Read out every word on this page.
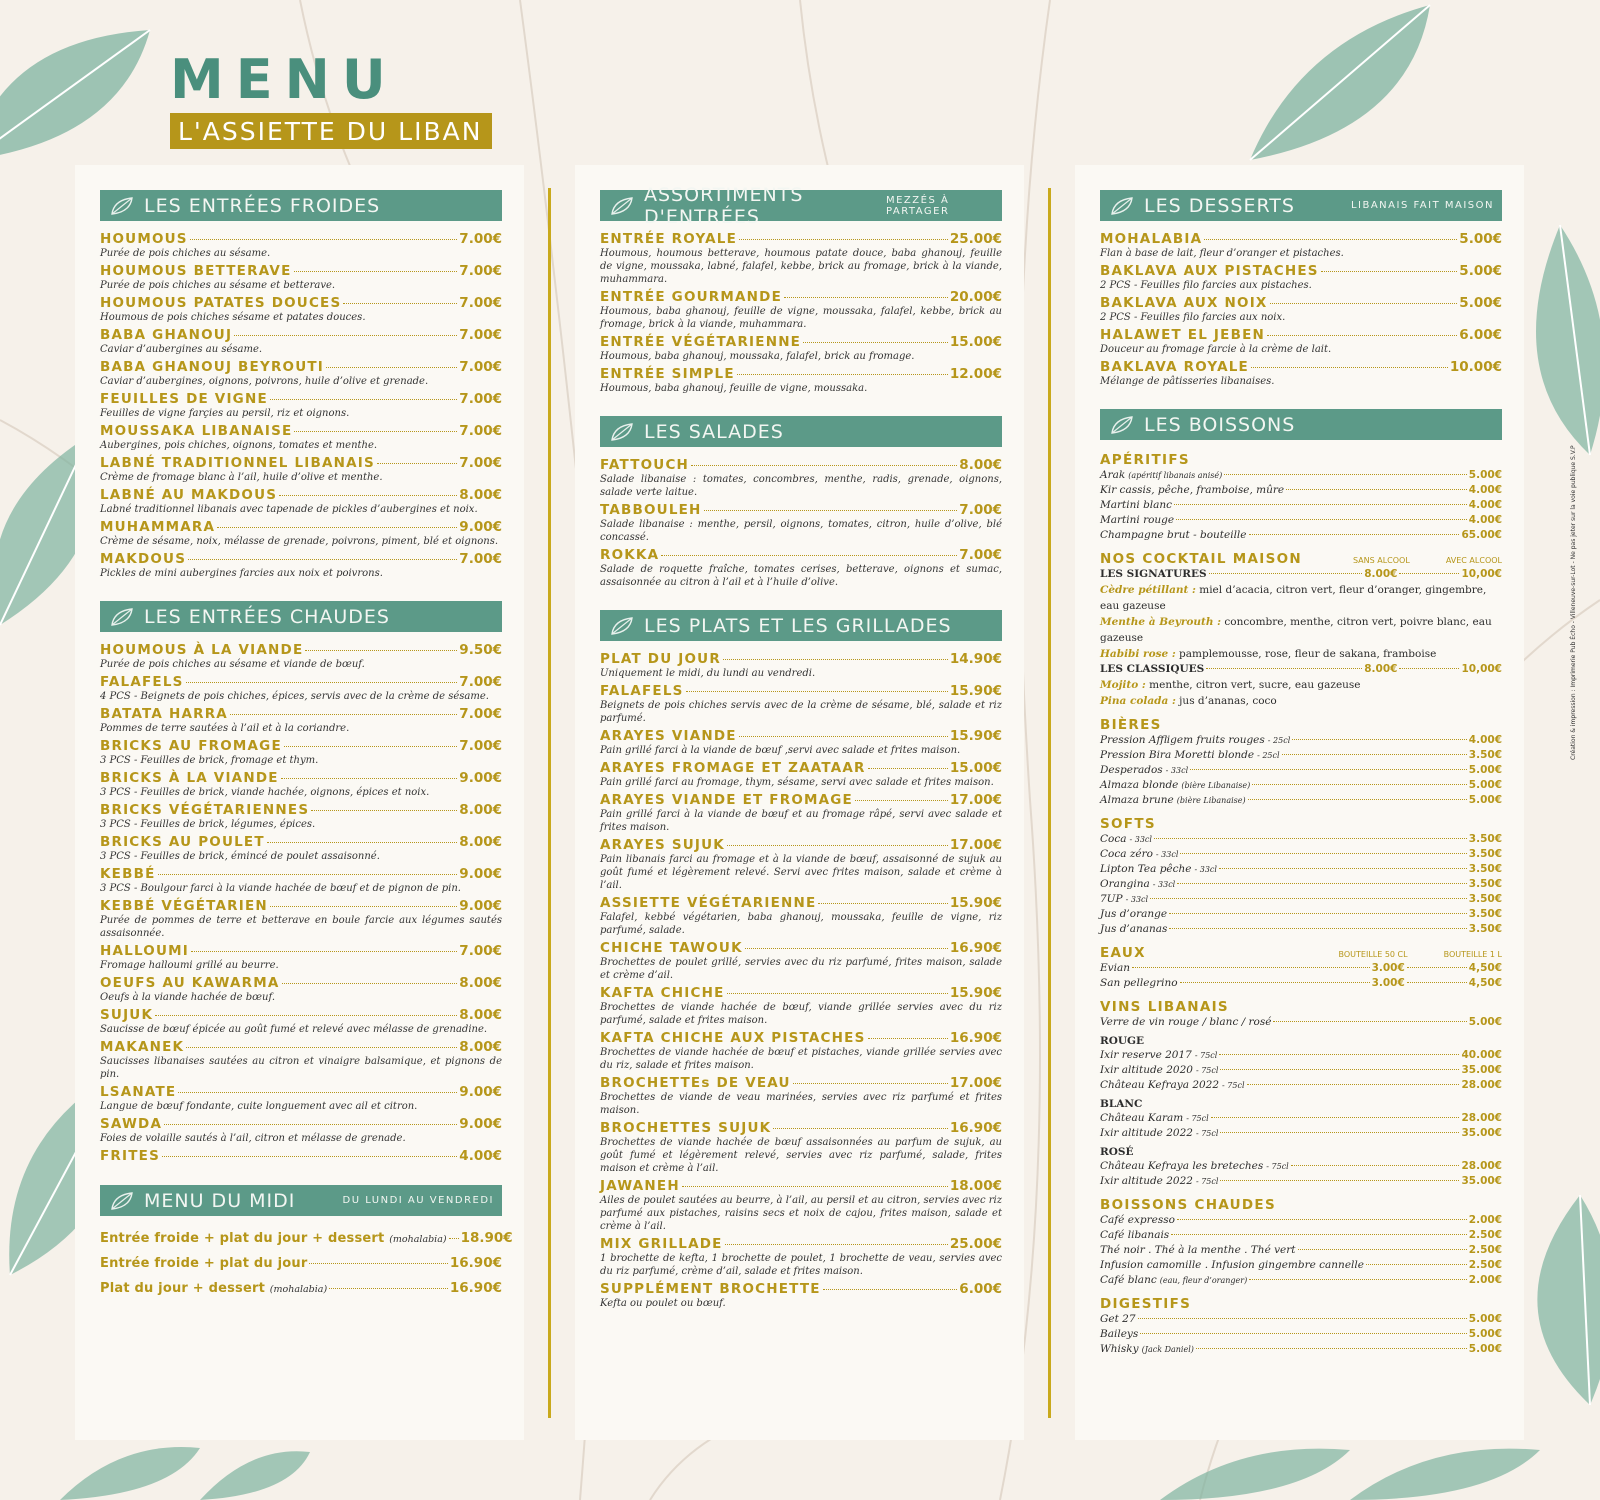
MENU
L'ASSIETTE DU LIBAN
LES ENTRÉES FROIDES
HOUMOUS	7.00€
Purée de pois chiches au sésame.
HOUMOUS BETTERAVE	7.00€
Purée de pois chiches au sésame et betterave.
HOUMOUS PATATES DOUCES	7.00€
Houmous de pois chiches sésame et patates douces.
BABA GHANOUJ	7.00€
Caviar d’aubergines au sésame.
BABA GHANOUJ BEYROUTI	7.00€
Caviar d’aubergines, oignons, poivrons, huile d’olive et grenade.
FEUILLES DE VIGNE	7.00€
Feuilles de vigne farçies au persil, riz et oignons.
MOUSSAKA LIBANAISE	7.00€
Aubergines, pois chiches, oignons, tomates et menthe.
LABNÉ TRADITIONNEL LIBANAIS	7.00€
Crème de fromage blanc à l’ail, huile d’olive et menthe.
LABNÉ AU MAKDOUS	8.00€
Labné traditionnel libanais avec tapenade de pickles d’aubergines et noix.
MUHAMMARA	9.00€
Crème de sésame, noix, mélasse de grenade, poivrons, piment, blé et oignons.
MAKDOUS	7.00€
Pickles de mini aubergines farcies aux noix et poivrons.
LES ENTRÉES CHAUDES
HOUMOUS À LA VIANDE	9.50€
Purée de pois chiches au sésame et viande de bœuf.
FALAFELS	7.00€
4 PCS - Beignets de pois chiches, épices, servis avec de la crème de sésame.
BATATA HARRA	7.00€
Pommes de terre sautées à l’ail et à la coriandre.
BRICKS AU FROMAGE	7.00€
3 PCS - Feuilles de brick, fromage et thym.
BRICKS À LA VIANDE	9.00€
3 PCS - Feuilles de brick, viande hachée, oignons, épices et noix.
BRICKS VÉGÉTARIENNES	8.00€
3 PCS - Feuilles de brick, légumes, épices.
BRICKS AU POULET	8.00€
3 PCS - Feuilles de brick, émincé de poulet assaisonné.
KEBBÉ	9.00€
3 PCS - Boulgour farci à la viande hachée de bœuf et de pignon de pin.
KEBBÉ VÉGÉTARIEN	9.00€
Purée de pommes de terre et betterave en boule farcie aux légumes sautés assaisonnée.
HALLOUMI	7.00€
Fromage halloumi grillé au beurre.
OEUFS AU KAWARMA	8.00€
Oeufs à la viande hachée de bœuf.
SUJUK	8.00€
Saucisse de bœuf épicée au goût fumé et relevé avec mélasse de grenadine.
MAKANEK	8.00€
Saucisses libanaises sautées au citron et vinaigre balsamique, et pignons de pin.
LSANATE	9.00€
Langue de bœuf fondante, cuite longuement avec ail et citron.
SAWDA	9.00€
Foies de volaille sautés à l’ail, citron et mélasse de grenade.
FRITES	4.00€
MENU DU MIDI	DU LUNDI AU VENDREDI
Entrée froide + plat du jour + dessert (mohalabia) 18.90€
Entrée froide + plat du jour	16.90€
Plat du jour + dessert (mohalabia)	16.90€
ASSORTIMENTS D'ENTRÉES
MEZZÉS À PARTAGER
ENTRÉE ROYALE	25.00€
Houmous, houmous betterave, houmous patate douce, baba ghanouj, feuille de vigne, moussaka, labné, falafel, kebbe, brick au fromage, brick à la viande, muhammara.
ENTRÉE GOURMANDE	20.00€
Houmous, baba ghanouj, feuille de vigne, moussaka, falafel, kebbe, brick au fromage, brick à la viande, muhammara.
ENTRÉE VÉGÉTARIENNE	15.00€
Houmous, baba ghanouj, moussaka, falafel, brick au fromage.
ENTRÉE SIMPLE	12.00€
Houmous, baba ghanouj, feuille de vigne, moussaka.
LES SALADES
FATTOUCH	8.00€
Salade libanaise : tomates, concombres, menthe, radis, grenade, oignons, salade verte laitue.
TABBOULEH	7.00€
Salade libanaise : menthe, persil, oignons, tomates, citron, huile d’olive, blé concassé.
ROKKA	7.00€
Salade de roquette fraîche, tomates cerises, betterave, oignons et sumac, assaisonnée au citron à l’ail et à l’huile d’olive.
LES PLATS ET LES GRILLADES
PLAT DU JOUR	14.90€
Uniquement le midi, du lundi au vendredi.
FALAFELS	15.90€
Beignets de pois chiches servis avec de la crème de sésame, blé, salade et riz parfumé.
ARAYES VIANDE	15.90€
Pain grillé farci à la viande de bœuf ,servi avec salade et frites maison.
ARAYES FROMAGE ET ZAATAAR	15.00€
Pain grillé farci au fromage, thym, sésame, servi avec salade et frites maison.
ARAYES VIANDE ET FROMAGE	17.00€
Pain grillé farci à la viande de bœuf et au fromage râpé, servi avec salade et frites maison.
ARAYES SUJUK	17.00€
Pain libanais farci au fromage et à la viande de bœuf, assaisonné de sujuk au goût fumé et légèrement relevé. Servi avec frites maison, salade et crème à l’ail.
ASSIETTE VÉGÉTARIENNE	15.90€
Falafel, kebbé végétarien, baba ghanouj, moussaka, feuille de vigne, riz parfumé, salade.
CHICHE TAWOUK	16.90€
Brochettes de poulet grillé, servies avec du riz parfumé, frites maison, salade et crème d’ail.
KAFTA CHICHE	15.90€
Brochettes de viande hachée de bœuf, viande grillée servies avec du riz parfumé, salade et frites maison.
KAFTA CHICHE AUX PISTACHES	16.90€
Brochettes de viande hachée de bœuf et pistaches, viande grillée servies avec du riz, salade et frites maison.
BROCHETTEs DE VEAU	17.00€
Brochettes de viande de veau marinées, servies avec riz parfumé et frites maison.
BROCHETTES SUJUK	16.90€
Brochettes de viande hachée de bœuf assaisonnées au parfum de sujuk, au goût fumé et légèrement relevé, servies avec riz parfumé, salade, frites maison et crème à l’ail.
JAWANEH	18.00€
Ailes de poulet sautées au beurre, à l’ail, au persil et au citron, servies avec riz parfumé aux pistaches, raisins secs et noix de cajou, frites maison, salade et crème à l’ail.
MIX GRILLADE	25.00€
1 brochette de kefta, 1 brochette de poulet, 1 brochette de veau, servies avec du riz parfumé, crème d’ail, salade et frites maison.
SUPPLÉMENT BROCHETTE	6.00€
Kefta ou poulet ou bœuf.
LES DESSERTS	LIBANAIS FAIT MAISON
MOHALABIA	5.00€
Flan à base de lait, fleur d’oranger et pistaches.
BAKLAVA AUX PISTACHES	5.00€
2 PCS - Feuilles filo farcies aux pistaches.
BAKLAVA AUX NOIX	5.00€
2 PCS - Feuilles filo farcies aux noix.
HALAWET EL JEBEN	6.00€
Douceur au fromage farcie à la crème de lait.
BAKLAVA ROYALE	10.00€
Mélange de pâtisseries libanaises.
LES BOISSONS
APÉRITIFS
Arak (apéritif libanais anisé)	5.00€
Kir cassis, pêche, framboise, mûre	4.00€
Martini blanc	4.00€
Martini rouge	4.00€
Champagne brut - bouteille	65.00€
NOS COCKTAIL MAISON	SANS ALCOOL	AVEC ALCOOL
LES SIGNATURES	8.00€	10,00€
Cèdre pétillant : miel d’acacia, citron vert, fleur d’oranger, gingembre, eau gazeuse
Menthe à Beyrouth : concombre, menthe, citron vert, poivre blanc, eau gazeuse
Habibi rose : pamplemousse, rose, fleur de sakana, framboise
LES CLASSIQUES	8.00€	10,00€
Mojito : menthe, citron vert, sucre, eau gazeuse
Pina colada : jus d’ananas, coco
BIÈRES
Pression Affligem fruits rouges - 25cl	4.00€
Pression Bira Moretti blonde - 25cl	3.50€
Desperados - 33cl	5.00€
Almaza blonde (bière Libanaise)	5.00€
Almaza brune (bière Libanaise)	5.00€
SOFTS
Coca - 33cl	3.50€
Coca zéro - 33cl	3.50€
Lipton Tea pêche - 33cl	3.50€
Orangina - 33cl	3.50€
7UP - 33cl	3.50€
Jus d’orange	3.50€
Jus d’ananas	3.50€
EAUX	BOUTEILLE 50 CL	BOUTEILLE 1 L
Evian	3.00€	4,50€
San pellegrino	3.00€	4,50€
VINS LIBANAIS
Verre de vin rouge / blanc / rosé	5.00€
ROUGE
Ixir reserve 2017 - 75cl	40.00€
Ixir altitude 2020 - 75cl	35.00€
Château Kefraya 2022 - 75cl	28.00€
BLANC
Château Karam - 75cl	28.00€
Ixir altitude 2022 - 75cl	35.00€
ROSÉ
Château Kefraya les breteches - 75cl	28.00€
Ixir altitude 2022 - 75cl	35.00€
BOISSONS CHAUDES
Café expresso	2.00€
Café libanais	2.50€
Thé noir . Thé à la menthe . Thé vert	2.50€
Infusion camomille . Infusion gingembre cannelle	2.50€
Café blanc (eau, fleur d’oranger)	2.00€
DIGESTIFS
Get 27	5.00€
Baileys	5.00€
Whisky (Jack Daniel)	5.00€
Création & impression : Imprimerie Pub Écho - Villeneuve-sur-Lot - Ne pas jeter sur la voie publique S.V.P
